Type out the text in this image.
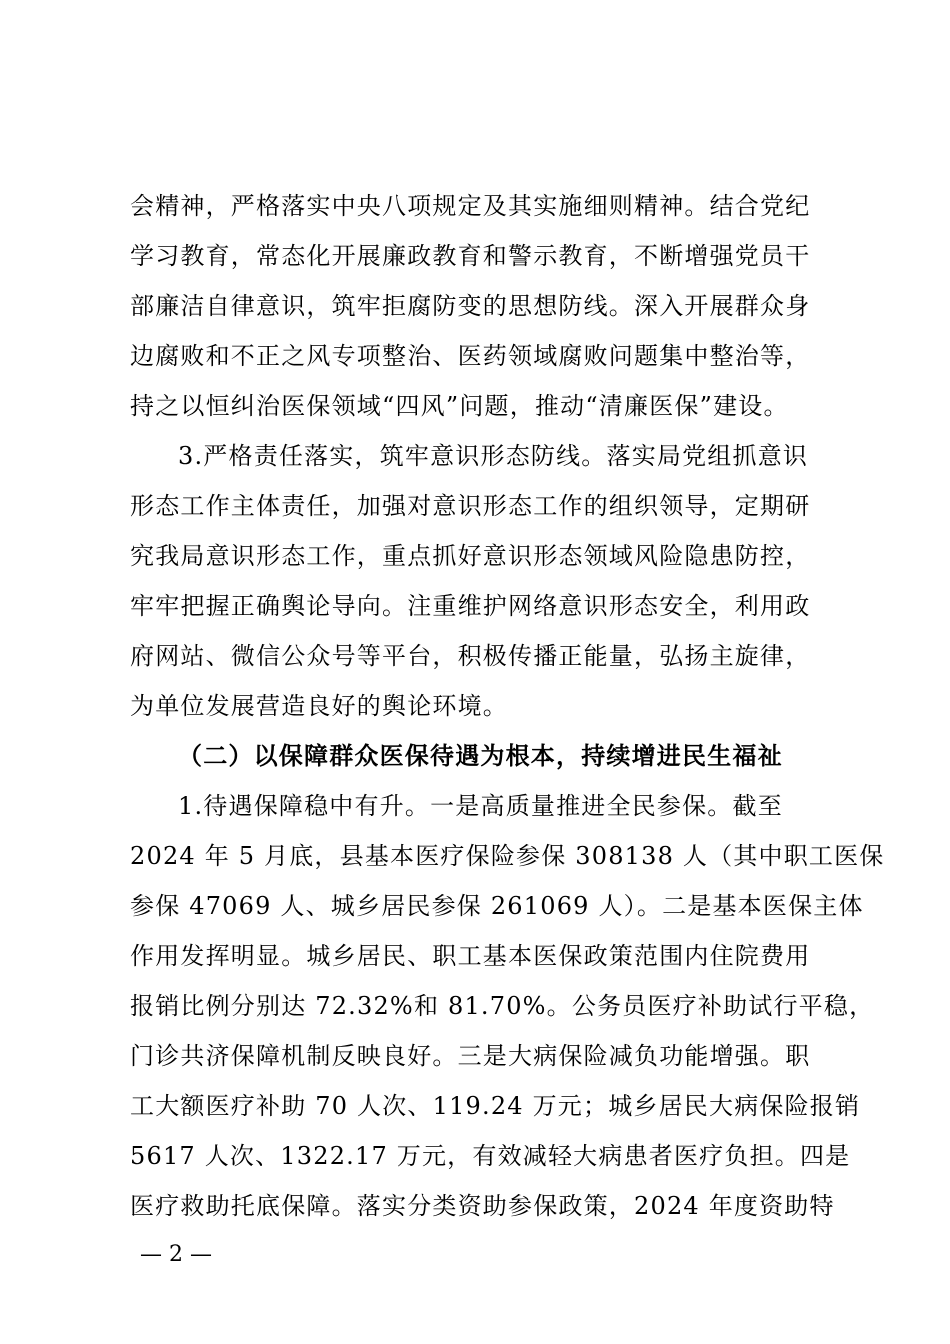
会精神，严格落实中央八项规定及其实施细则精神。结合党纪
学习教育，常态化开展廉政教育和警示教育，不断增强党员干
部廉洁自律意识，筑牢拒腐防变的思想防线。深入开展群众身
边腐败和不正之风专项整治、医药领域腐败问题集中整治等，
持之以恒纠治医保领域“四风”问题，推动“清廉医保”建设。
3.严格责任落实，筑牢意识形态防线。落实局党组抓意识
形态工作主体责任，加强对意识形态工作的组织领导，定期研
究我局意识形态工作，重点抓好意识形态领域风险隐患防控，
牢牢把握正确舆论导向。注重维护网络意识形态安全，利用政
府网站、微信公众号等平台，积极传播正能量，弘扬主旋律，
为单位发展营造良好的舆论环境。
（二）以保障群众医保待遇为根本，持续增进民生福祉
1.待遇保障稳中有升。一是高质量推进全民参保。截至
2024 年 5 月底，县基本医疗保险参保 308138 人（其中职工医保
参保 47069 人、城乡居民参保 261069 人）。二是基本医保主体
作用发挥明显。城乡居民、职工基本医保政策范围内住院费用
报销比例分别达 72.32%和 81.70%。公务员医疗补助试行平稳，
门诊共济保障机制反映良好。三是大病保险减负功能增强。职
工大额医疗补助 70 人次、119.24 万元；城乡居民大病保险报销
5617 人次、1322.17 万元，有效减轻大病患者医疗负担。四是
医疗救助托底保障。落实分类资助参保政策，2024 年度资助特
— 2 —
